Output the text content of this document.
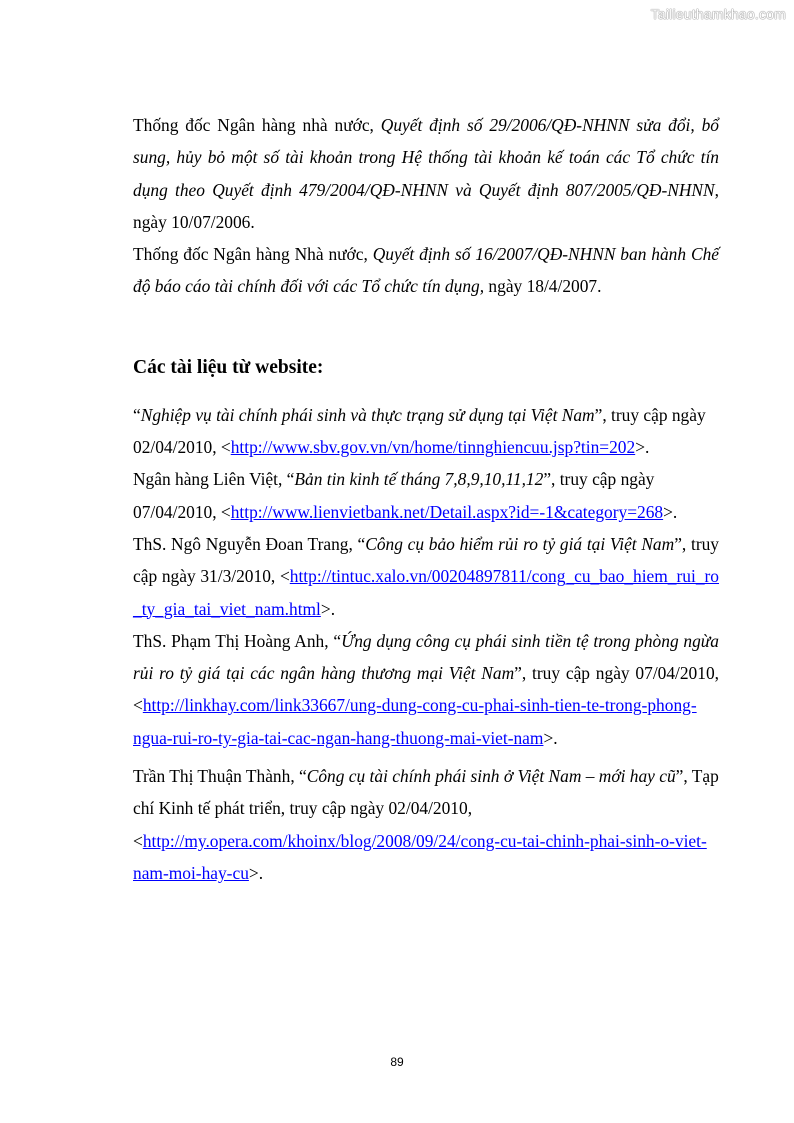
Tailieuthamkhao.com

Thống đốc Ngân hàng nhà nước, Quyết định số 29/2006/QĐ-NHNN sửa đổi, bổ sung, hủy bỏ một số tài khoản trong Hệ thống tài khoản kế toán các Tổ chức tín dụng theo Quyết định 479/2004/QĐ-NHNN và Quyết định 807/2005/QĐ-NHNN, ngày 10/07/2006.

Thống đốc Ngân hàng Nhà nước, Quyết định số 16/2007/QĐ-NHNN ban hành Chế độ báo cáo tài chính đối với các Tổ chức tín dụng, ngày 18/4/2007.

Các tài liệu từ website:

“Nghiệp vụ tài chính phái sinh và thực trạng sử dụng tại Việt Nam”, truy cập ngày 02/04/2010, <http://www.sbv.gov.vn/vn/home/tinnghiencuu.jsp?tin=202>.

Ngân hàng Liên Việt, “Bản tin kinh tế tháng 7,8,9,10,11,12”, truy cập ngày 07/04/2010, <http://www.lienvietbank.net/Detail.aspx?id=-1&category=268>.

ThS. Ngô Nguyễn Đoan Trang, “Công cụ bảo hiểm rủi ro tỷ giá tại Việt Nam”, truy cập ngày 31/3/2010, <http://tintuc.xalo.vn/00204897811/cong_cu_bao_hiem_rui_ro_ty_gia_tai_viet_nam.html>.

ThS. Phạm Thị Hoàng Anh, “Ứng dụng công cụ phái sinh tiền tệ trong phòng ngừa rủi ro tỷ giá tại các ngân hàng thương mại Việt Nam”, truy cập ngày 07/04/2010, <http://linkhay.com/link33667/ung-dung-cong-cu-phai-sinh-tien-te-trong-phong-ngua-rui-ro-ty-gia-tai-cac-ngan-hang-thuong-mai-viet-nam>.

Trần Thị Thuận Thành, “Công cụ tài chính phái sinh ở Việt Nam – mới hay cũ”, Tạp chí Kinh tế phát triển, truy cập ngày 02/04/2010, <http://my.opera.com/khoinx/blog/2008/09/24/cong-cu-tai-chinh-phai-sinh-o-viet-nam-moi-hay-cu>.

89
